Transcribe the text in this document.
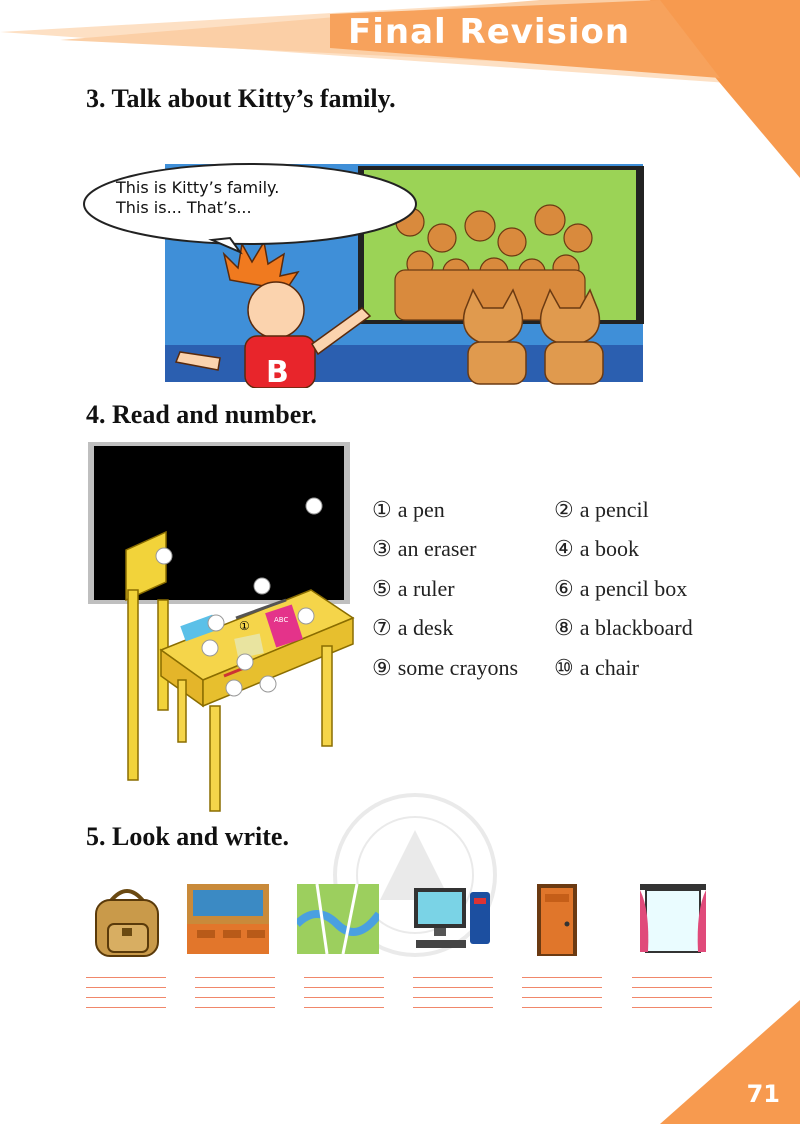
Final Revision
3. Talk about Kitty’s family.
B
This is Kitty’s family.
This is... That’s...
4. Read and number.
①	ABC
① a pen	② a pencil
③ an eraser	④ a book
⑤ a ruler	⑥ a pencil box
⑦ a desk	⑧ a blackboard
⑨ some crayons ⑩ a chair
5. Look and write.
71
